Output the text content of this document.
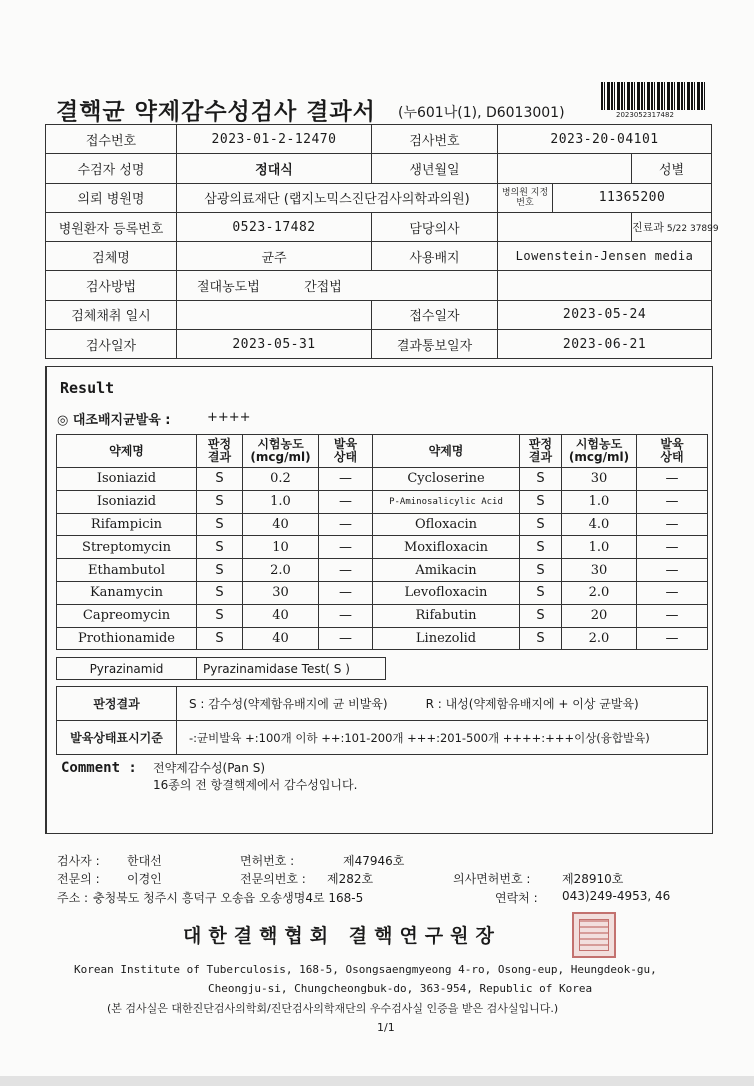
결핵균 약제감수성검사 결과서 (누601나(1), D6013001)	2023052317482
접수번호	2023-01-2-12470	검사번호	2023-20-04101		
수검자 성명	정대식	생년월일			성별
의뢰 병원명	삼광의료재단 (랩지노믹스진단검사의학과의원)		병의원 지정번호	11365200	
병원환자 등록번호	0523-17482	담당의사			진료과 5/22 37899
검체명	균주	사용배지	Lowenstein-Jensen media		
검사방법	절대농도법 간접법				
검체채취 일시		접수일자	2023-05-24		
검사일자	2023-05-31	결과통보일자	2023-06-21		
Result
◎ 대조배지균발육 :	++++
약제명	판정
결과	시험농도
(mcg/ml)	발육
상태	약제명	판정
결과	시험농도
(mcg/ml)	발육
상태
Isoniazid	S	0.2	—	Cycloserine	S	30	—
Isoniazid	S	1.0	—	P-Aminosalicylic Acid	S	1.0	—
Rifampicin	S	40	—	Ofloxacin	S	4.0	—
Streptomycin	S	10	—	Moxifloxacin	S	1.0	—
Ethambutol	S	2.0	—	Amikacin	S	30	—
Kanamycin	S	30	—	Levofloxacin	S	2.0	—
Capreomycin	S	40	—	Rifabutin	S	20	—
Prothionamide	S	40	—	Linezolid	S	2.0	—
Pyrazinamid	Pyrazinamidase Test( S )
판정결과	S : 감수성(약제함유배지에 균 비발육) R : 내성(약제함유배지에 + 이상 균발육)
발육상태표시기준	-:균비발육 +:100개 이하 ++:101-200개 +++:201-500개 ++++:+++이상(융합발육)
Comment : 전약제감수성(Pan S)
16종의 전 항결핵제에서 감수성입니다.
검사자 : 한대선	면허번호 :	제47946호
전문의 : 이경인	전문의번호 : 제282호	의사면허번호 :	제28910호
주소 : 충청북도 청주시 흥덕구 오송읍 오송생명4로 168-5	연락처 : 043)249-4953, 46
대한결핵협회 결핵연구원장
Korean Institute of Tuberculosis, 168-5, Osongsaengmyeong 4-ro, Osong-eup, Heungdeok-gu,
Cheongju-si, Chungcheongbuk-do, 363-954, Republic of Korea
(본 검사실은 대한진단검사의학회/진단검사의학재단의 우수검사실 인증을 받은 검사실입니다.)
1/1
